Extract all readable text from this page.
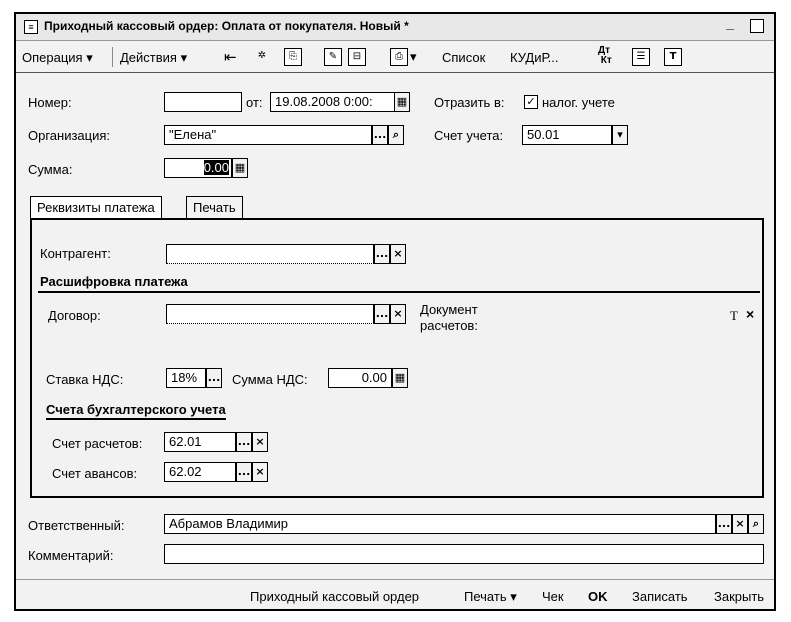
≡ Приходный кассовый ордер: Оплата от покупателя. Новый *	_
Операция ▾ Действия ▾ ⇤	✲	⎘	✎	⊟	⎙ ▾ Список КУДиР...	Дт
Кт	☰	T
Номер:	от: 19.08.2008 0:00:	▦ Отразить в: ✓ налог. учете
Организация:	"Елена"	... ⌕	Счет учета:	50.01	▾
Сумма:	0.00 ▦
Реквизиты платежа	Печать
Контрагент:	... ×
Расшифровка платежа
Договор:	... × Документ
расчетов:
T ×
Ставка НДС:	18% ... Сумма НДС:	0.00 ▦
Счета бухгалтерского учета
Счет расчетов:	62.01	... ×
Счет авансов:	62.02	... ×
Ответственный:	Абрамов Владимир	... × ⌕
Комментарий:
Приходный кассовый ордер	Печать ▾ Чек OK Записать Закрыть
